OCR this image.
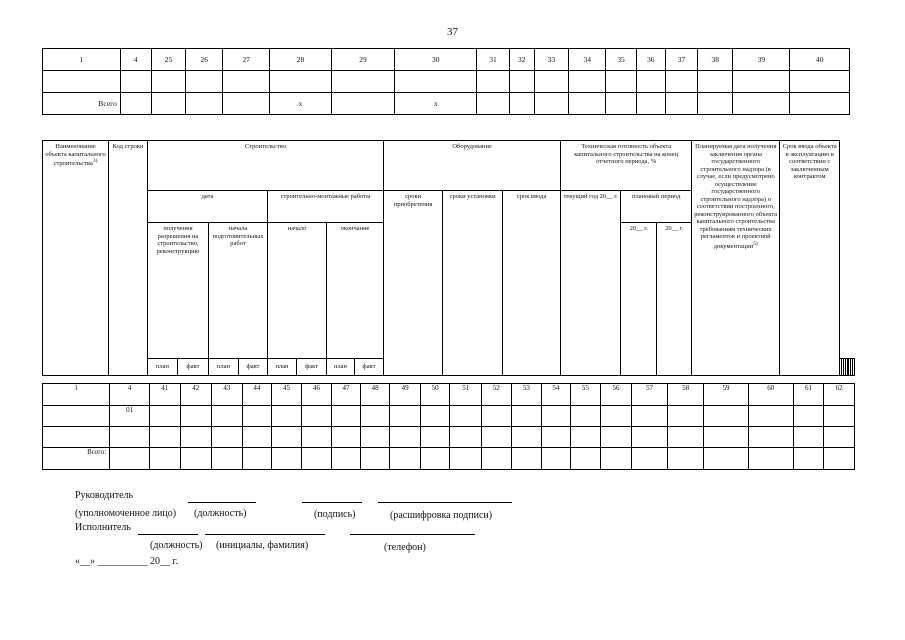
37
1	4	25	26	27	28	29	30	31	32	33	34	35	36	37	38	39	40

Всего					x		x										
Наименование объекта капитального строительства$^{3)}$	Код строки	Строительство								Оборудование			Техническая готовность объекта капитального строительства на конец отчетного периода, %			Планируемая дата получения заключения органа государственного строительного надзора (в случае, если предусмотрено осуществление государственного строительного надзора) о соответствии построенного, реконструированного объекта капитального строительства требованиям технических регламентов и проектной документации$^{5)}$	Срок ввода объекта в эксплуатацию в соответствии с заключенным контрактом							
		дата				строительно-монтажные работы				сроки приобретения	сроки установки	срок ввода	текущий год 20__ г.	плановый период										
		получения разрешения на строительство, реконструкцию		начала подготовительных работ		начало		окончание						20__ г.	20__ г.									
		план	факт	план	факт	план	факт	план	факт								
1	4	41	42	43	44	45	46	47	48	49	50	51	52	53	54	55	56	57	58	59	60	61	62
	01																						

Всего:																							
Руководитель
(уполномоченное лицо) (должность)	(подпись)	(расшифровка подписи)
Исполнитель
(должность) (инициалы, фамилия)	(телефон)
«__» __________ 20__ г.
